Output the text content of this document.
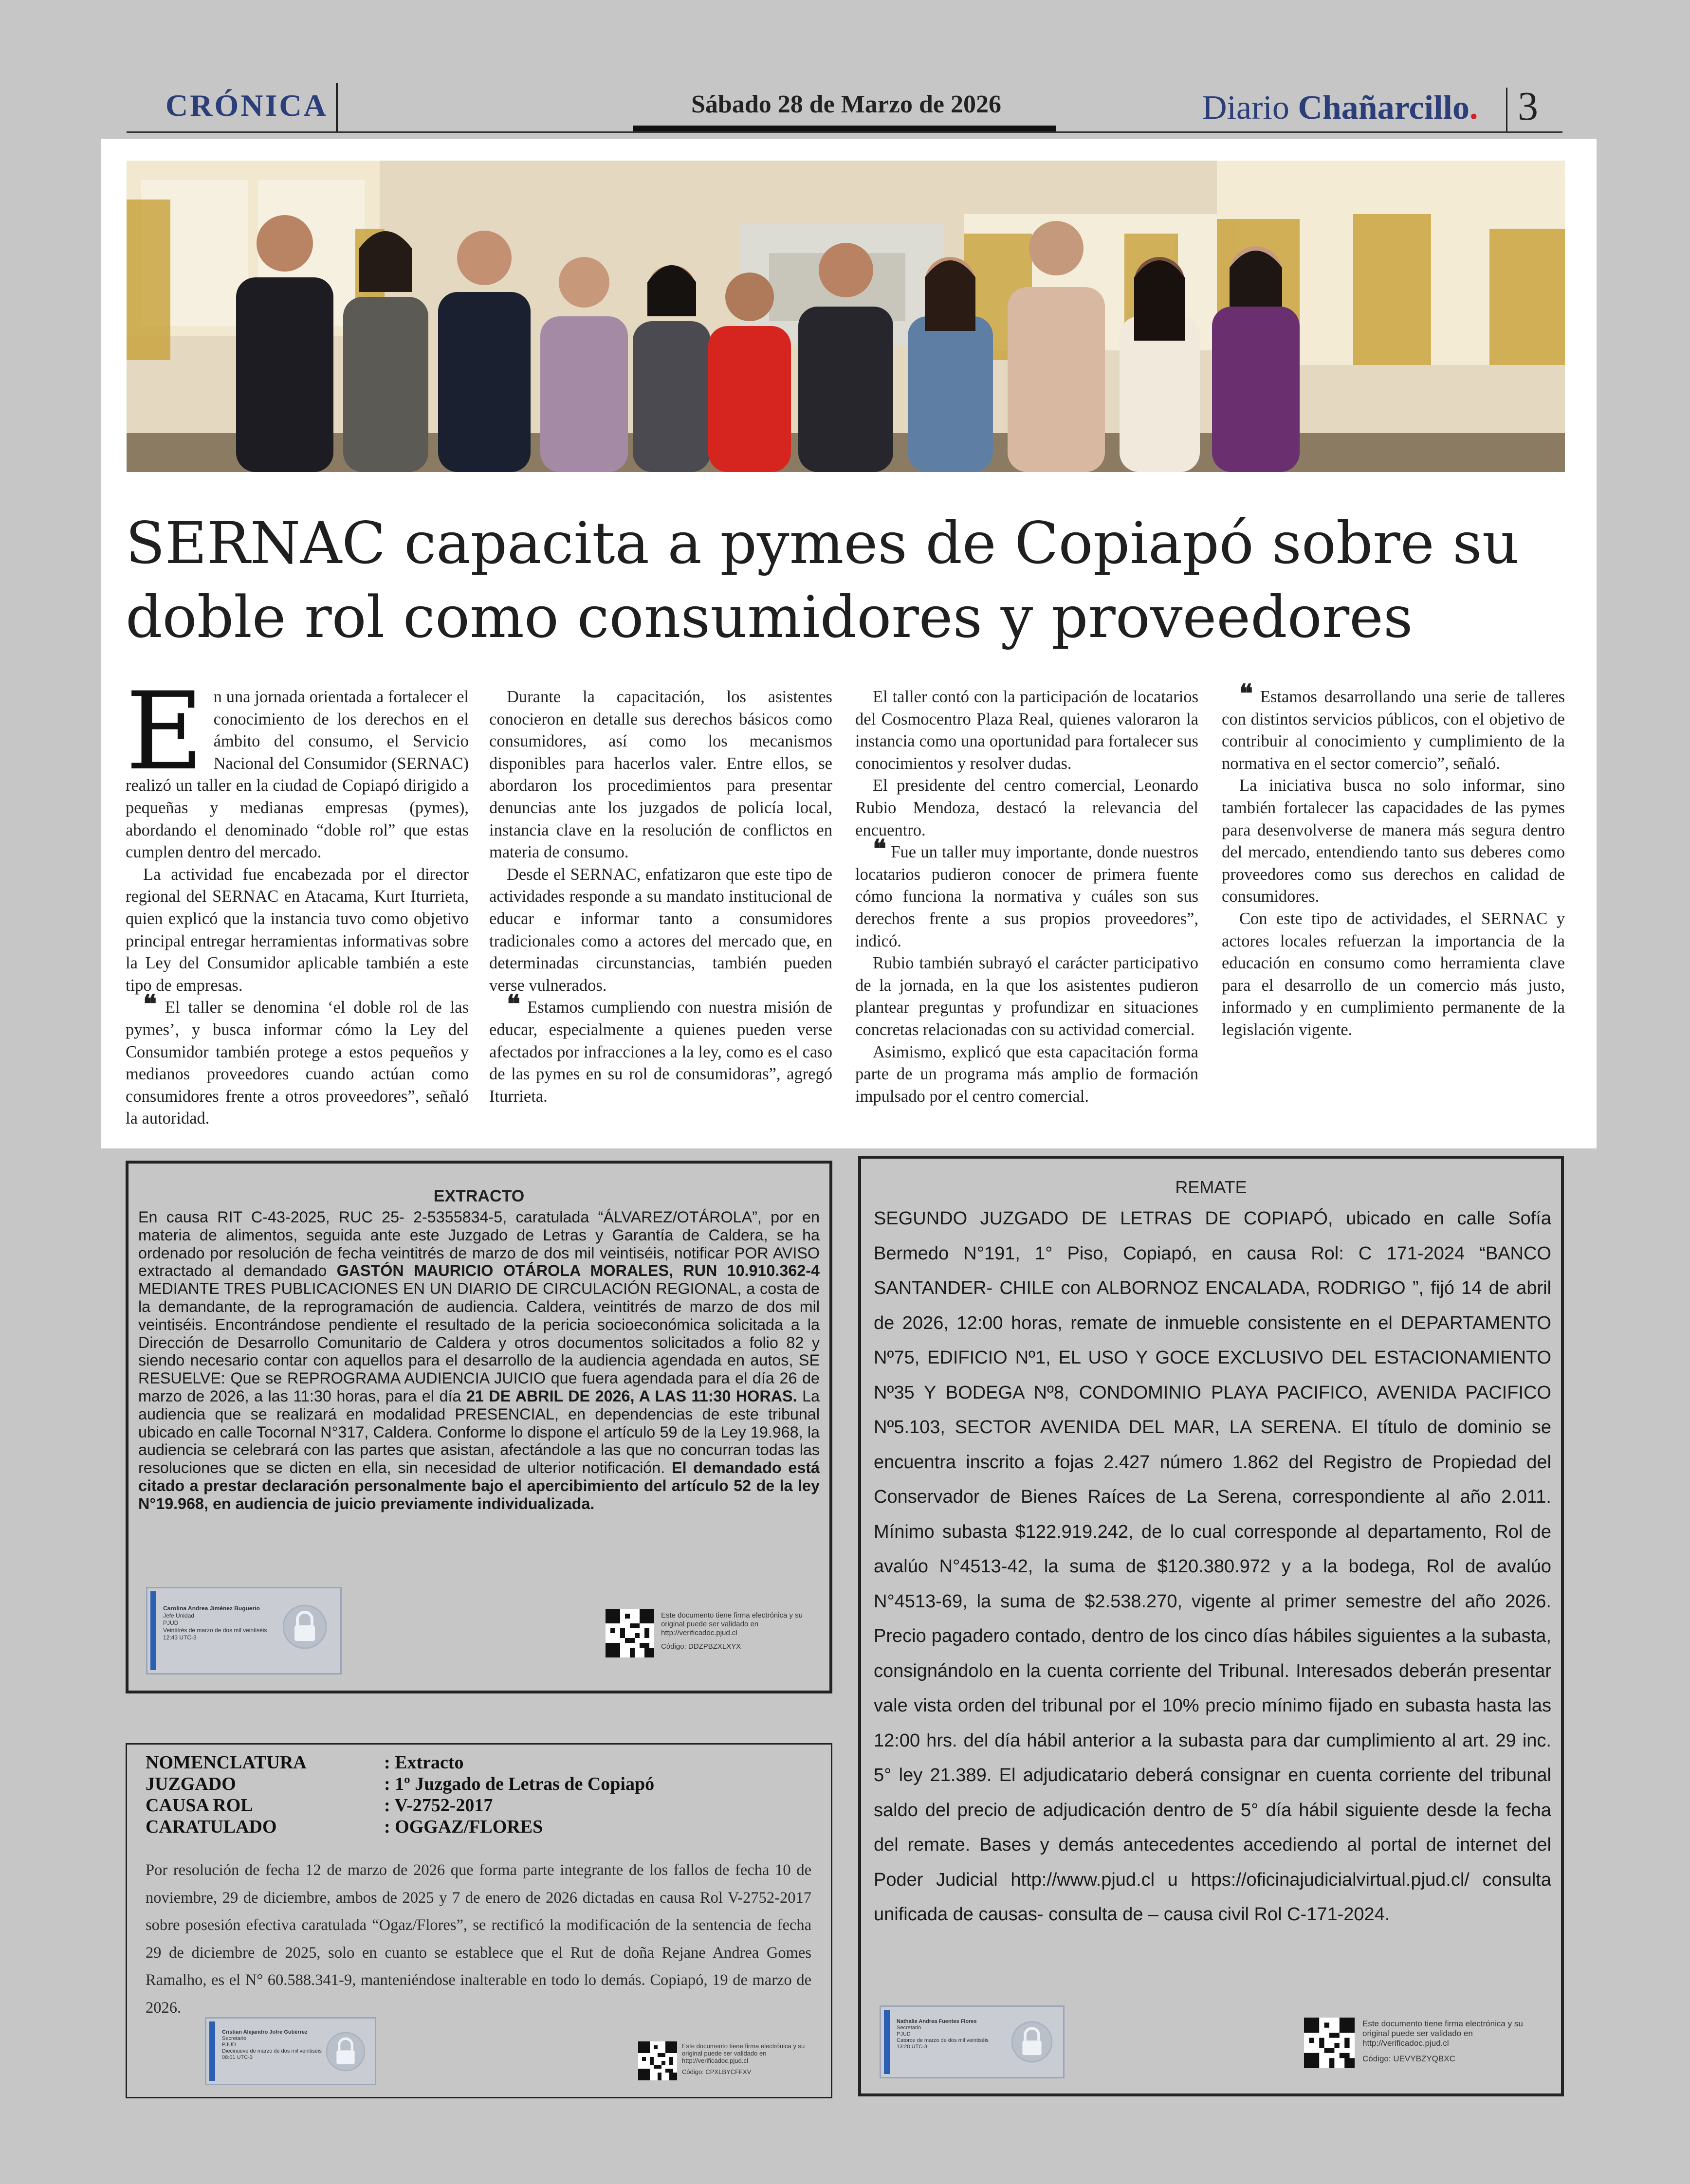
CRÓNICA	Sábado 28 de Marzo de 2026	Diario Chañarcillo. 3
SERNAC capacita a pymes de Copiapó sobre su doble rol como consumidores y proveedores

En una jornada orientada a fortalecer el conocimiento de los derechos en el ámbito del consumo, el Servicio Nacional del Consumidor (SERNAC) realizó un taller en la ciudad de Copiapó dirigido a pequeñas y medianas empresas (pymes), abordando el denominado “doble rol” que estas cumplen dentro del mercado.

La actividad fue encabezada por el director regional del SERNAC en Atacama, Kurt Iturrieta, quien explicó que la instancia tuvo como objetivo principal entregar herramientas informativas sobre la Ley del Consumidor aplicable también a este tipo de empresas.

❝ El taller se denomina ‘el doble rol de las pymes’, y busca informar cómo la Ley del Consumidor también protege a estos pequeños y medianos proveedores cuando actúan como consumidores frente a otros proveedores”, señaló la autoridad.

Durante la capacitación, los asistentes conocieron en detalle sus derechos básicos como consumidores, así como los mecanismos disponibles para hacerlos valer. Entre ellos, se abordaron los procedimientos para presentar denuncias ante los juzgados de policía local, instancia clave en la resolución de conflictos en materia de consumo.

Desde el SERNAC, enfatizaron que este tipo de actividades responde a su mandato institucional de educar e informar tanto a consumidores tradicionales como a actores del mercado que, en determinadas circunstancias, también pueden verse vulnerados.

❝ Estamos cumpliendo con nuestra misión de educar, especialmente a quienes pueden verse afectados por infracciones a la ley, como es el caso de las pymes en su rol de consumidoras”, agregó Iturrieta.

El taller contó con la participación de locatarios del Cosmocentro Plaza Real, quienes valoraron la instancia como una oportunidad para fortalecer sus conocimientos y resolver dudas.

El presidente del centro comercial, Leonardo Rubio Mendoza, destacó la relevancia del encuentro.

❝ Fue un taller muy importante, donde nuestros locatarios pudieron conocer de primera fuente cómo funciona la normativa y cuáles son sus derechos frente a sus propios proveedores”, indicó.

Rubio también subrayó el carácter participativo de la jornada, en la que los asistentes pudieron plantear preguntas y profundizar en situaciones concretas relacionadas con su actividad comercial.

Asimismo, explicó que esta capacitación forma parte de un programa más amplio de formación impulsado por el centro comercial.

❝ Estamos desarrollando una serie de talleres con distintos servicios públicos, con el objetivo de contribuir al conocimiento y cumplimiento de la normativa en el sector comercio”, señaló.

La iniciativa busca no solo informar, sino también fortalecer las capacidades de las pymes para desenvolverse de manera más segura dentro del mercado, entendiendo tanto sus deberes como proveedores como sus derechos en calidad de consumidores.

Con este tipo de actividades, el SERNAC y actores locales refuerzan la importancia de la educación en consumo como herramienta clave para el desarrollo de un comercio más justo, informado y en cumplimiento permanente de la legislación vigente.

EXTRACTO

En causa RIT C-43-2025, RUC 25- 2-5355834-5, caratulada “ÁLVAREZ/OTÁROLA”, por en materia de alimentos, seguida ante este Juzgado de Letras y Garantía de Caldera, se ha ordenado por resolución de fecha veintitrés de marzo de dos mil veintiséis, notificar POR AVISO extractado al demandado GASTÓN MAURICIO OTÁROLA MORALES, RUN 10.910.362-4 MEDIANTE TRES PUBLICACIONES EN UN DIARIO DE CIRCULACIÓN REGIONAL, a costa de la demandante, de la reprogramación de audiencia. Caldera, veintitrés de marzo de dos mil veintiséis. Encontrándose pendiente el resultado de la pericia socioeconómica solicitada a la Dirección de Desarrollo Comunitario de Caldera y otros documentos solicitados a folio 82 y siendo necesario contar con aquellos para el desarrollo de la audiencia agendada en autos, SE RESUELVE: Que se REPROGRAMA AUDIENCIA JUICIO que fuera agendada para el día 26 de marzo de 2026, a las 11:30 horas, para el día 21 DE ABRIL DE 2026, A LAS 11:30 HORAS. La audiencia que se realizará en modalidad PRESENCIAL, en dependencias de este tribunal ubicado en calle Tocornal N°317, Caldera. Conforme lo dispone el artículo 59 de la Ley 19.968, la audiencia se celebrará con las partes que asistan, afectándole a las que no concurran todas las resoluciones que se dicten en ella, sin necesidad de ulterior notificación. El demandado está citado a prestar declaración personalmente bajo el apercibimiento del artículo 52 de la ley N°19.968, en audiencia de juicio previamente individualizada.

Carolina Andrea Jiménez Buguerio
Jefe Unidad
PJUD
Veintitrés de marzo de dos mil veintiséis
12:43 UTC-3
Este documento tiene firma electrónica y su original puede ser validado en http://verificadoc.pjud.cl
Código: DDZPBZXLXYX
NOMENCLATURA	: Extracto
JUZGADO	: 1º Juzgado de Letras de Copiapó
CAUSA ROL	: V-2752-2017
CARATULADO	: OGGAZ/FLORES

Por resolución de fecha 12 de marzo de 2026 que forma parte integrante de los fallos de fecha 10 de noviembre, 29 de diciembre, ambos de 2025 y 7 de enero de 2026 dictadas en causa Rol V-2752-2017 sobre posesión efectiva caratulada “Ogaz/Flores”, se rectificó la modificación de la sentencia de fecha 29 de diciembre de 2025, solo en cuanto se establece que el Rut de doña Rejane Andrea Gomes Ramalho, es el N° 60.588.341-9, manteniéndose inalterable en todo lo demás. Copiapó, 19 de marzo de 2026.

Cristian Alejandro Jofre Gutiérrez
Secretario
PJUD
Diecinueve de marzo de dos mil veintiséis
08:01 UTC-3
Este documento tiene firma electrónica y su original puede ser validado en http://verificadoc.pjud.cl
Código: CPXLBYCFFXV
REMATE

SEGUNDO JUZGADO DE LETRAS DE COPIAPÓ, ubicado en calle Sofía Bermedo N°191, 1° Piso, Copiapó, en causa Rol: C 171-2024 “BANCO SANTANDER- CHILE con ALBORNOZ ENCALADA, RODRIGO ”, fijó 14 de abril de 2026, 12:00 horas, remate de inmueble consistente en el DEPARTAMENTO Nº75, EDIFICIO Nº1, EL USO Y GOCE EXCLUSIVO DEL ESTACIONAMIENTO Nº35 Y BODEGA Nº8, CONDOMINIO PLAYA PACIFICO, AVENIDA PACIFICO Nº5.103, SECTOR AVENIDA DEL MAR, LA SERENA. El título de dominio se encuentra inscrito a fojas 2.427 número 1.862 del Registro de Propiedad del Conservador de Bienes Raíces de La Serena, correspondiente al año 2.011. Mínimo subasta $122.919.242, de lo cual corresponde al departamento, Rol de avalúo N°4513-42, la suma de $120.380.972 y a la bodega, Rol de avalúo N°4513-69, la suma de $2.538.270, vigente al primer semestre del año 2026. Precio pagadero contado, dentro de los cinco días hábiles siguientes a la subasta, consignándolo en la cuenta corriente del Tribunal. Interesados deberán presentar vale vista orden del tribunal por el 10% precio mínimo fijado en subasta hasta las 12:00 hrs. del día hábil anterior a la subasta para dar cumplimiento al art. 29 inc. 5° ley 21.389. El adjudicatario deberá consignar en cuenta corriente del tribunal saldo del precio de adjudicación dentro de 5° día hábil siguiente desde la fecha del remate. Bases y demás antecedentes accediendo al portal de internet del Poder Judicial http://www.pjud.cl u https://oficinajudicialvirtual.pjud.cl/ consulta unificada de causas- consulta de – causa civil Rol C-171-2024.

Nathalie Andrea Fuentes Flores
Secretario
PJUD
Catorce de marzo de dos mil veintiséis
13:28 UTC-3
Este documento tiene firma electrónica y su original puede ser validado en http://verificadoc.pjud.cl
Código: UEVYBZYQBXC
